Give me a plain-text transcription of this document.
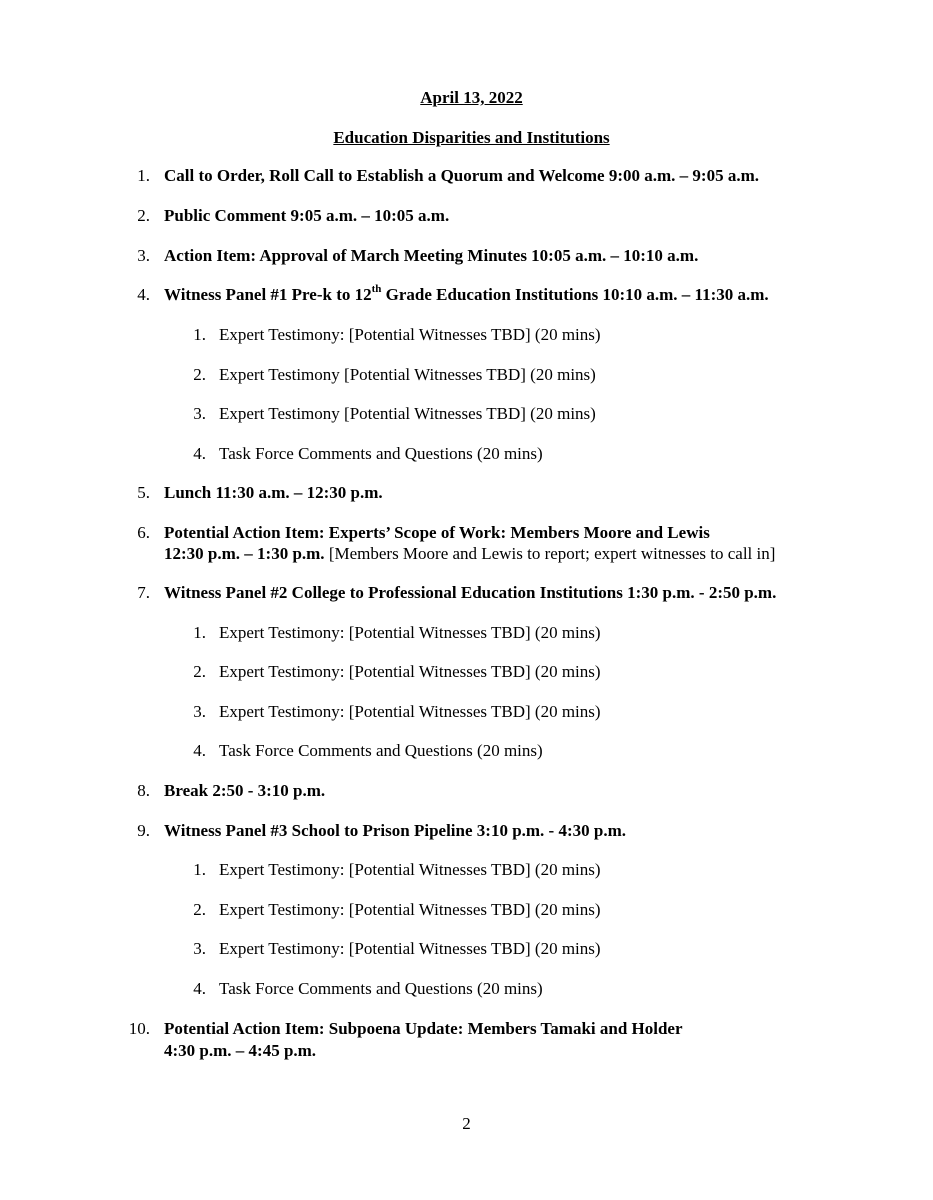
April 13, 2022
Education Disparities and Institutions
1. Call to Order, Roll Call to Establish a Quorum and Welcome 9:00 a.m. – 9:05 a.m.
2. Public Comment 9:05 a.m. – 10:05 a.m.
3. Action Item: Approval of March Meeting Minutes 10:05 a.m. – 10:10 a.m.
4. Witness Panel #1 Pre-k to 12th Grade Education Institutions 10:10 a.m. – 11:30 a.m.
1. Expert Testimony: [Potential Witnesses TBD] (20 mins)
2. Expert Testimony [Potential Witnesses TBD] (20 mins)
3. Expert Testimony [Potential Witnesses TBD] (20 mins)
4. Task Force Comments and Questions (20 mins)
5. Lunch 11:30 a.m. – 12:30 p.m.
6. Potential Action Item: Experts’ Scope of Work: Members Moore and Lewis
12:30 p.m. – 1:30 p.m. [Members Moore and Lewis to report; expert witnesses to call in]
7. Witness Panel #2 College to Professional Education Institutions 1:30 p.m. - 2:50 p.m.
1. Expert Testimony: [Potential Witnesses TBD] (20 mins)
2. Expert Testimony: [Potential Witnesses TBD] (20 mins)
3. Expert Testimony: [Potential Witnesses TBD] (20 mins)
4. Task Force Comments and Questions (20 mins)
8. Break 2:50 - 3:10 p.m.
9. Witness Panel #3 School to Prison Pipeline 3:10 p.m. - 4:30 p.m.
1. Expert Testimony: [Potential Witnesses TBD] (20 mins)
2. Expert Testimony: [Potential Witnesses TBD] (20 mins)
3. Expert Testimony: [Potential Witnesses TBD] (20 mins)
4. Task Force Comments and Questions (20 mins)
10. Potential Action Item: Subpoena Update: Members Tamaki and Holder
4:30 p.m. – 4:45 p.m.
2
